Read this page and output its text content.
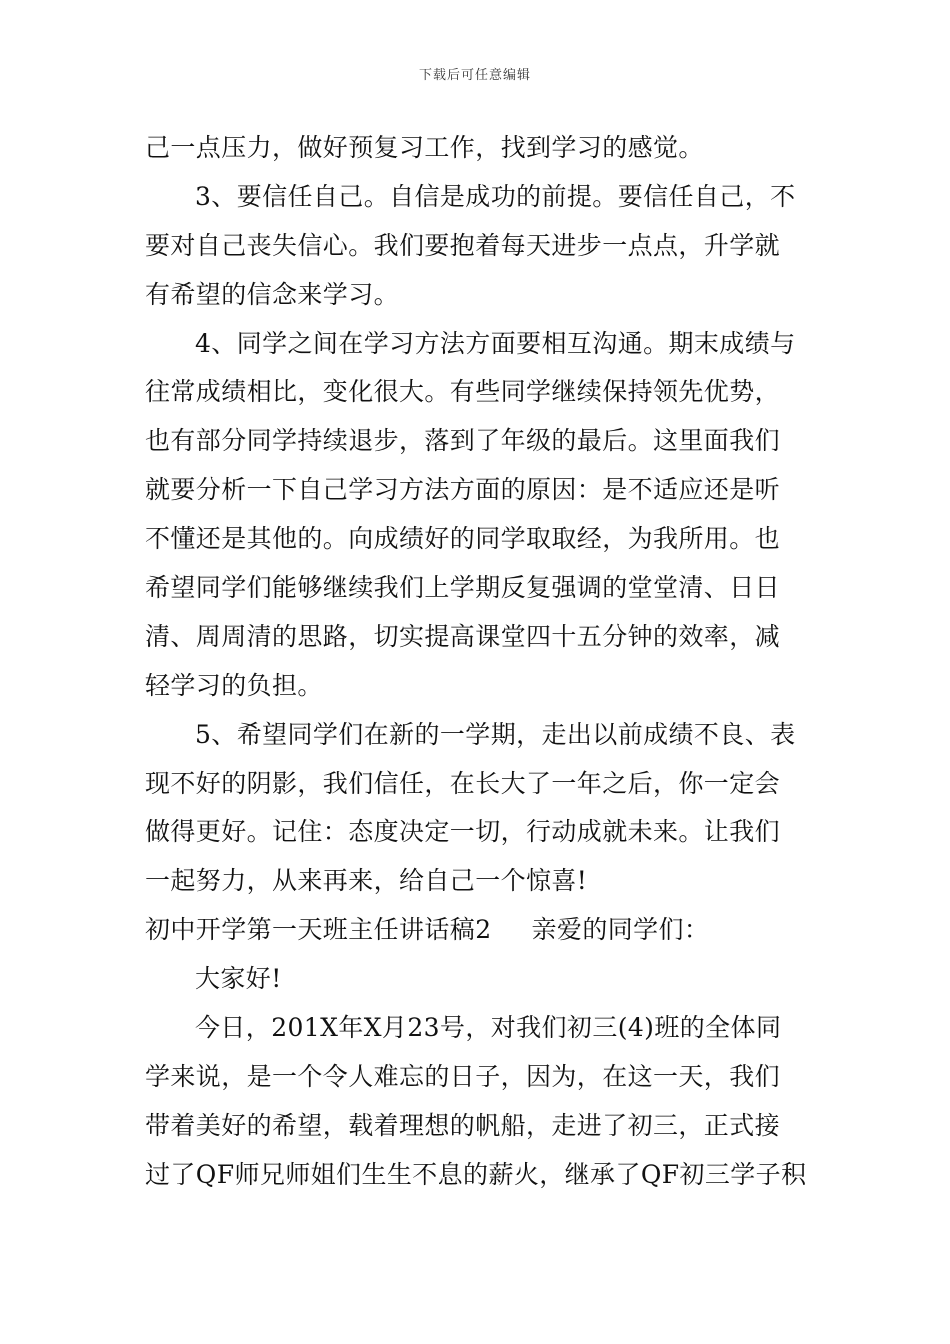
下载后可任意编辑
己一点压力，做好预复习工作，找到学习的感觉。
3、要信任自己。自信是成功的前提。要信任自己，不
要对自己丧失信心。我们要抱着每天进步一点点，升学就
有希望的信念来学习。
4、同学之间在学习方法方面要相互沟通。期末成绩与
往常成绩相比，变化很大。有些同学继续保持领先优势，
也有部分同学持续退步，落到了年级的最后。这里面我们
就要分析一下自己学习方法方面的原因：是不适应还是听
不懂还是其他的。向成绩好的同学取取经，为我所用。也
希望同学们能够继续我们上学期反复强调的堂堂清、日日
清、周周清的思路，切实提高课堂四十五分钟的效率，减
轻学习的负担。
5、希望同学们在新的一学期，走出以前成绩不良、表
现不好的阴影，我们信任，在长大了一年之后，你一定会
做得更好。记住：态度决定一切，行动成就未来。让我们
一起努力，从来再来，给自己一个惊喜!
初中开学第一天班主任讲话稿2 亲爱的同学们：
大家好!
今日，201X年X月23号，对我们初三(4)班的全体同
学来说，是一个令人难忘的日子，因为，在这一天，我们
带着美好的希望，载着理想的帆船，走进了初三，正式接
过了QF师兄师姐们生生不息的薪火，继承了QF初三学子积
